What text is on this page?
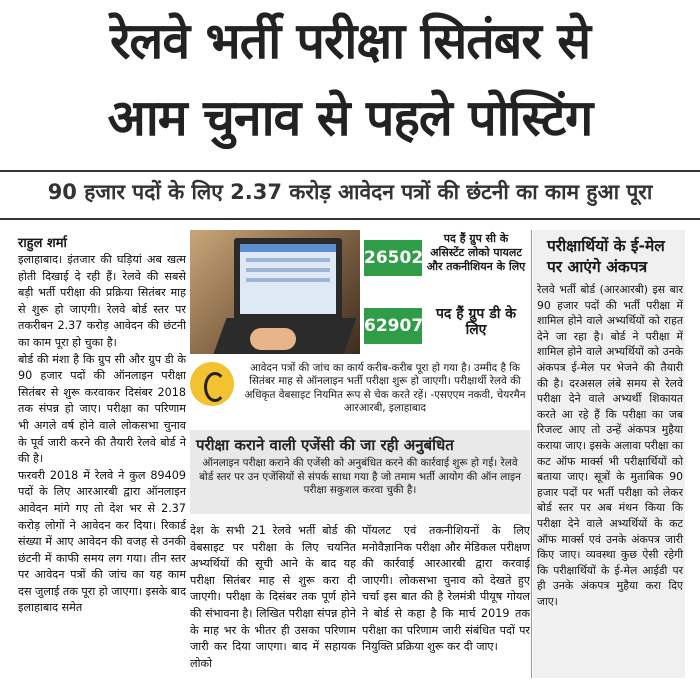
रेलवे भर्ती परीक्षा सितंबर से
आम चुनाव से पहले पोस्टिंग
90 हजार पदों के लिए 2.37 करोड़ आवेदन पत्रों की छंटनी का काम हुआ पूरा
राहुल शर्मा

इलाहाबाद। इंतजार की घड़ियां अब खत्म होती दिखाई दे रही हैं। रेलवे की सबसे बड़ी भर्ती परीक्षा की प्रक्रिया सितंबर माह से शुरू हो जाएगी। रेलवे बोर्ड स्तर पर तकरीबन 2.37 करोड़ आवेदन की छंटनी का काम पूरा हो चुका है।

बोर्ड की मंशा है कि ग्रुप सी और ग्रुप डी के 90 हजार पदों की ऑनलाइन परीक्षा सितंबर से शुरू करवाकर दिसंबर 2018 तक संपन्न हो जाए। परीक्षा का परिणाम भी अगले वर्ष होने वाले लोकसभा चुनाव के पूर्व जारी करने की तैयारी रेलवे बोर्ड ने की है।

फरवरी 2018 में रेलवे ने कुल 89409 पदों के लिए आरआरबी द्वारा ऑनलाइन आवेदन मांगे गए तो देश भर से 2.37 करोड़ लोगों ने आवेदन कर दिया। रिकार्ड संख्या में आए आवेदन की वजह से उनकी छंटनी में काफी समय लग गया। तीन स्तर पर आवेदन पत्रों की जांच का यह काम दस जुलाई तक पूरा हो जाएगा। इसके बाद इलाहाबाद समेत

26502
पद हैं ग्रुप सी के असिस्टेंट लोको पायलट और तकनीशियन के लिए
62907
पद हैं ग्रुप डी के लिए
आवेदन पत्रों की जांच का कार्य करीब-करीब पूरा हो गया है। उम्मीद है कि सितंबर माह से ऑनलाइन भर्ती परीक्षा शुरू हो जाएगी। परीक्षार्थी रेलवे की अधिकृत वेबसाइट नियमित रूप से चेक करते रहें। -एसएएम नकवी, चेयरमैन आरआरबी, इलाहाबाद
परीक्षा कराने वाली एजेंसी की जा रही अनुबंधित

ऑनलाइन परीक्षा कराने की एजेंसी को अनुबंधित करने की कार्रवाई शुरू हो गई। रेलवे बोर्ड स्तर पर उन एजेंसियों से संपर्क साधा गया है जो तमाम भर्ती आयोग की ऑन लाइन परीक्षा सकुशल करवा चुकी है।

देश के सभी 21 रेलवे भर्ती बोर्ड की वेबसाइट पर परीक्षा के लिए चयनित अभ्यर्थियों की सूची आने के बाद यह परीक्षा सितंबर माह से शुरू करा दी जाएगी। परीक्षा के दिसंबर तक पूर्ण होने की संभावना है। लिखित परीक्षा संपन्न होने के माह भर के भीतर ही उसका परिणाम जारी कर दिया जाएगा। बाद में सहायक लोको
पॉयलट एवं तकनीशियनों के लिए मनोवैज्ञानिक परीक्षा और मेडिकल परीक्षण की कार्रवाई आरआरबी द्वारा करवाई जाएगी। लोकसभा चुनाव को देखते हुए चर्चा इस बात की है रेलमंत्री पीयूष गोयल ने बोर्ड से कहा है कि मार्च 2019 तक परीक्षा का परिणाम जारी संबंधित पदों पर नियुक्ति प्रक्रिया शुरू कर दी जाए।
परीक्षार्थियों के ई-मेल पर आएंगे अंकपत्र
रेलवे भर्ती बोर्ड (आरआरबी) इस बार 90 हजार पदों की भर्ती परीक्षा में शामिल होने वाले अभ्यर्थियों को राहत देने जा रहा है। बोर्ड ने परीक्षा में शामिल होने वाले अभ्यर्थियों को उनके अंकपत्र ई-मेल पर भेजने की तैयारी की है। दरअसल लंबे समय से रेलवे परीक्षा देने वाले अभ्यर्थी शिकायत करते आ रहे हैं कि परीक्षा का जब रिजल्ट आए तो उन्हें अंकपत्र मुहैया कराया जाए। इसके अलावा परीक्षा का कट ऑफ मार्क्स भी परीक्षार्थियों को बताया जाए। सूत्रों के मुताबिक 90 हजार पदों पर भर्ती परीक्षा को लेकर बोर्ड स्तर पर अब मंथन किया कि परीक्षा देने वाले अभ्यर्थियों के कट ऑफ मार्क्स एवं उनके अंकपत्र जारी किए जाए। व्यवस्था कुछ ऐसी रहेगी कि परीक्षार्थियों के ई-मेल आईडी पर ही उनके अंकपत्र मुहैया करा दिए जाए।
